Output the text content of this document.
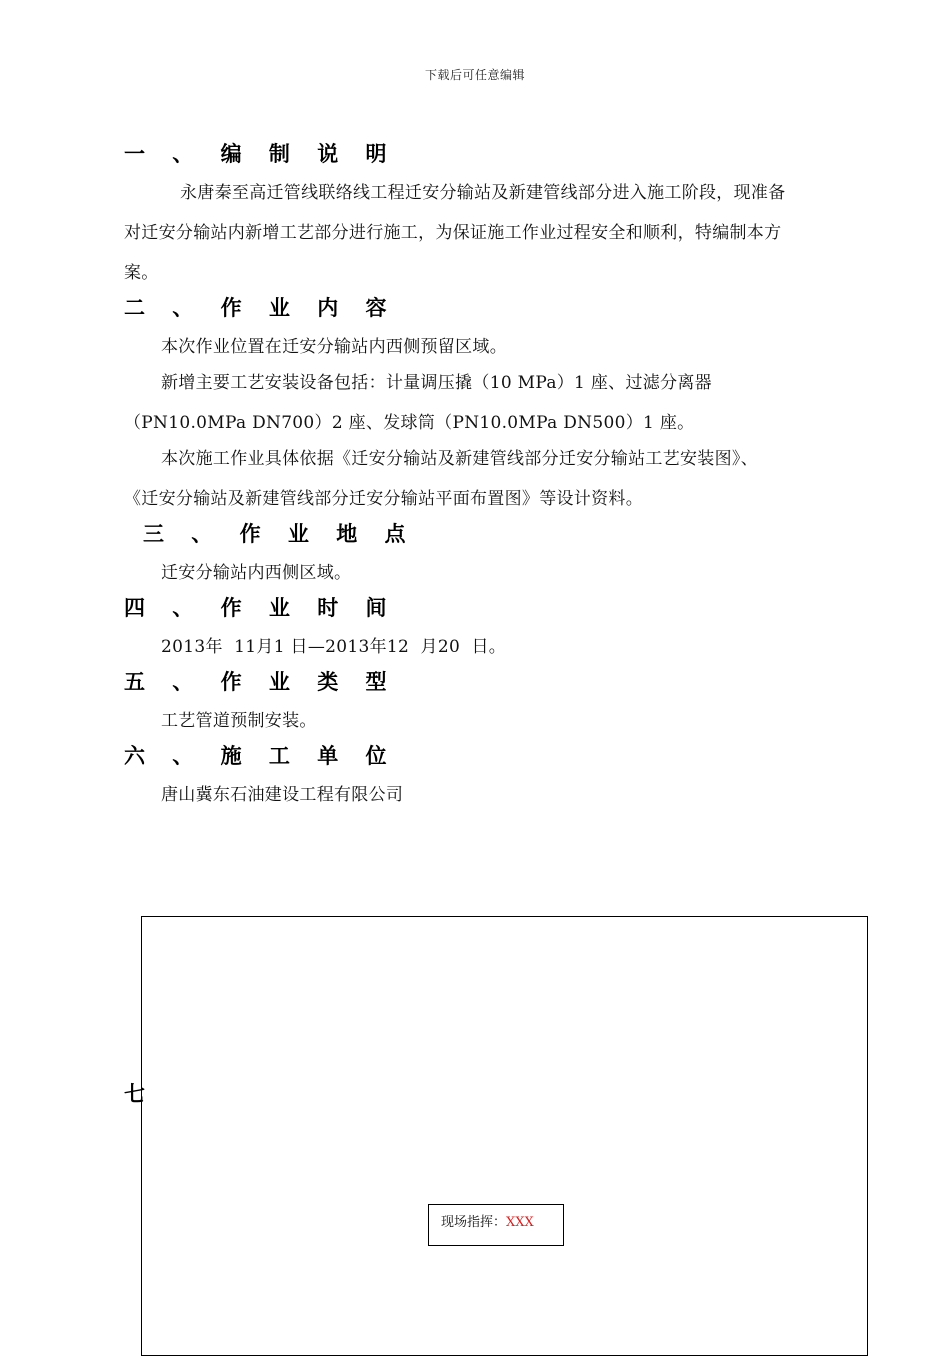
下载后可任意编辑
一 、 编 制 说 明
永唐秦至高迁管线联络线工程迁安分输站及新建管线部分进入施工阶段，现准备
对迁安分输站内新增工艺部分进行施工，为保证施工作业过程安全和顺利，特编制本方
案。
二 、 作 业 内 容
本次作业位置在迁安分输站内西侧预留区域。
新增主要工艺安装设备包括：计量调压撬（10 MPa）1 座、过滤分离器
（PN10.0MPa DN700）2 座、发球筒（PN10.0MPa DN500）1 座。
本次施工作业具体依据《迁安分输站及新建管线部分迁安分输站工艺安装图》、
《迁安分输站及新建管线部分迁安分输站平面布置图》等设计资料。
三 、 作 业 地 点
迁安分输站内西侧区域。
四 、 作 业 时 间
2013年  11月1 日—2013年12  月20  日。
五 、 作 业 类 型
工艺管道预制安装。
六 、 施 工 单 位
唐山冀东石油建设工程有限公司
七
现场指挥：XXX
